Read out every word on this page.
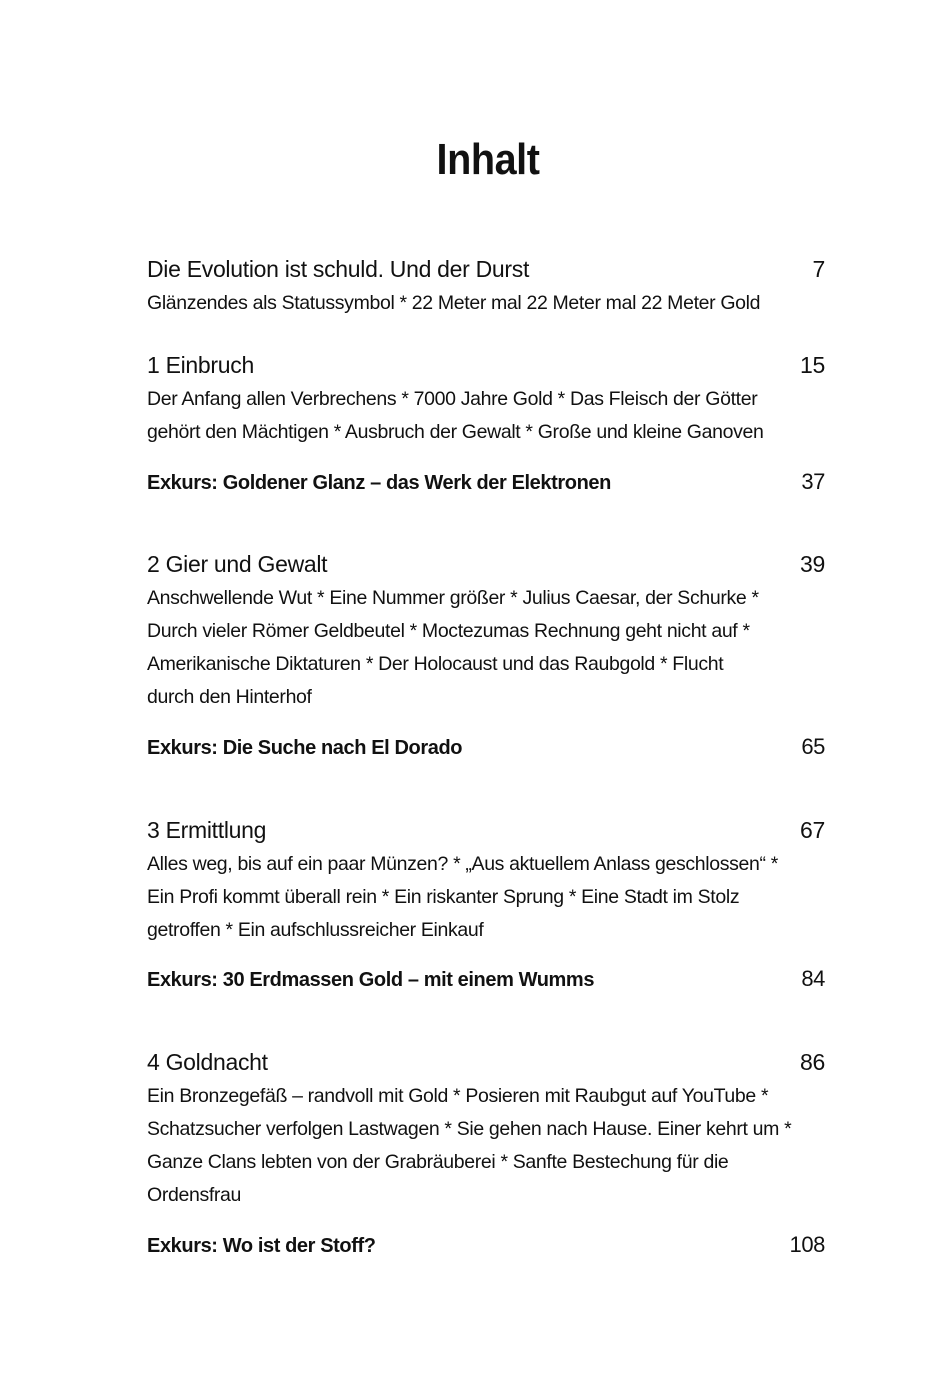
Inhalt
Die Evolution ist schuld. Und der Durst	7
Glänzendes als Statussymbol * 22 Meter mal 22 Meter mal 22 Meter Gold
1 Einbruch	15
Der Anfang allen Verbrechens * 7000 Jahre Gold * Das Fleisch der Götter
gehört den Mächtigen * Ausbruch der Gewalt * Große und kleine Ganoven
Exkurs: Goldener Glanz – das Werk der Elektronen	37
2 Gier und Gewalt	39
Anschwellende Wut * Eine Nummer größer * Julius Caesar, der Schurke *
Durch vieler Römer Geldbeutel * Moctezumas Rechnung geht nicht auf *
Amerikanische Diktaturen * Der Holocaust und das Raubgold * Flucht
durch den Hinterhof
Exkurs: Die Suche nach El Dorado	65
3 Ermittlung	67
Alles weg, bis auf ein paar Münzen? * „Aus aktuellem Anlass geschlossen“ *
Ein Profi kommt überall rein * Ein riskanter Sprung * Eine Stadt im Stolz
getroffen * Ein aufschlussreicher Einkauf
Exkurs: 30 Erdmassen Gold – mit einem Wumms	84
4 Goldnacht	86
Ein Bronzegefäß – randvoll mit Gold * Posieren mit Raubgut auf YouTube *
Schatzsucher verfolgen Lastwagen * Sie gehen nach Hause. Einer kehrt um *
Ganze Clans lebten von der Grabräuberei * Sanfte Bestechung für die
Ordensfrau
Exkurs: Wo ist der Stoff?	108
